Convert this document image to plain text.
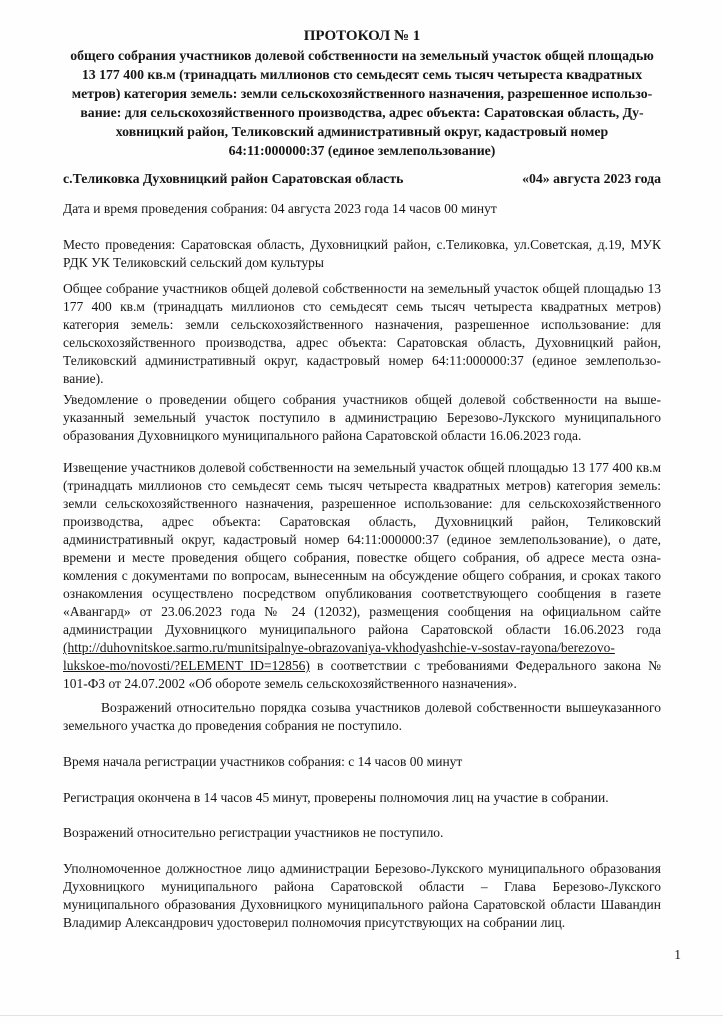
ПРОТОКОЛ № 1
общего собрания участников долевой собственности на земельный участок общей площадью
13 177 400 кв.м (тринадцать миллионов сто семьдесят семь тысяч четыреста квадратных
метров) категория земель: земли сельскохозяйственного назначения, разрешенное использо-
вание: для сельскохозяйственного производства, адрес объекта: Саратовская область, Ду-
ховницкий район, Теликовский административный округ, кадастровый номер
64:11:000000:37 (единое землепользование)
с.Теликовка Духовницкий район Саратовская область	«04» августа 2023 года
Дата и время проведения собрания: 04 августа 2023 года 14 часов 00 минут
Место проведения: Саратовская область, Духовницкий район, с.Теликовка, ул.Советская, д.19, МУК РДК УК Теликовский сельский дом культуры
Общее собрание участников общей долевой собственности на земельный участок общей площадью 13 177 400 кв.м (тринадцать миллионов сто семьдесят семь тысяч четыреста квадратных метров) категория земель: земли сельскохозяйственного назначения, разрешенное использование: для сельскохозяйственного производства, адрес объекта: Саратовская область, Духовницкий район, Теликовский административный округ, кадастровый номер 64:11:000000:37 (единое землепользование).
Уведомление о проведении общего собрания участников общей долевой собственности на вышеуказанный земельный участок поступило в администрацию Березово-Лукского муниципального образования Духовницкого муниципального района Саратовской области 16.06.2023 года.
Извещение участников долевой собственности на земельный участок общей площадью 13 177 400 кв.м (тринадцать миллионов сто семьдесят семь тысяч четыреста квадратных метров) категория земель: земли сельскохозяйственного назначения, разрешенное использование: для сельскохозяйственного производства, адрес объекта: Саратовская область, Духовницкий район, Теликовский административный округ, кадастровый номер 64:11:000000:37 (единое землепользование), о дате, времени и месте проведения общего собрания, повестке общего собрания, об адресе места ознакомления с документами по вопросам, вынесенным на обсуждение общего собрания, и сроках такого ознакомления осуществлено посредством опубликования соответствующего сообщения в газете «Авангард» от 23.06.2023 года № 24 (12032), размещения сообщения на официальном сайте администрации Духовницкого муниципального района Саратовской области 16.06.2023 года (http://duhovnitskoe.sarmo.ru/munitsipalnye-obrazovaniya-vkhodyashchie-v-sostav-rayona/berezovo-lukskoe-mo/novosti/?ELEMENT_ID=12856) в соответствии с требованиями Федерального закона № 101-ФЗ от 24.07.2002 «Об обороте земель сельскохозяйственного назначения».
Возражений относительно порядка созыва участников долевой собственности вышеуказанного земельного участка до проведения собрания не поступило.
Время начала регистрации участников собрания: с 14 часов 00 минут
Регистрация окончена в 14 часов 45 минут, проверены полномочия лиц на участие в собрании.
Возражений относительно регистрации участников не поступило.
Уполномоченное должностное лицо администрации Березово-Лукского муниципального образования Духовницкого муниципального района Саратовской области – Глава Березово-Лукского муниципального образования Духовницкого муниципального района Саратовской области Шавандин Владимир Александрович удостоверил полномочия присутствующих на собрании лиц.
1
